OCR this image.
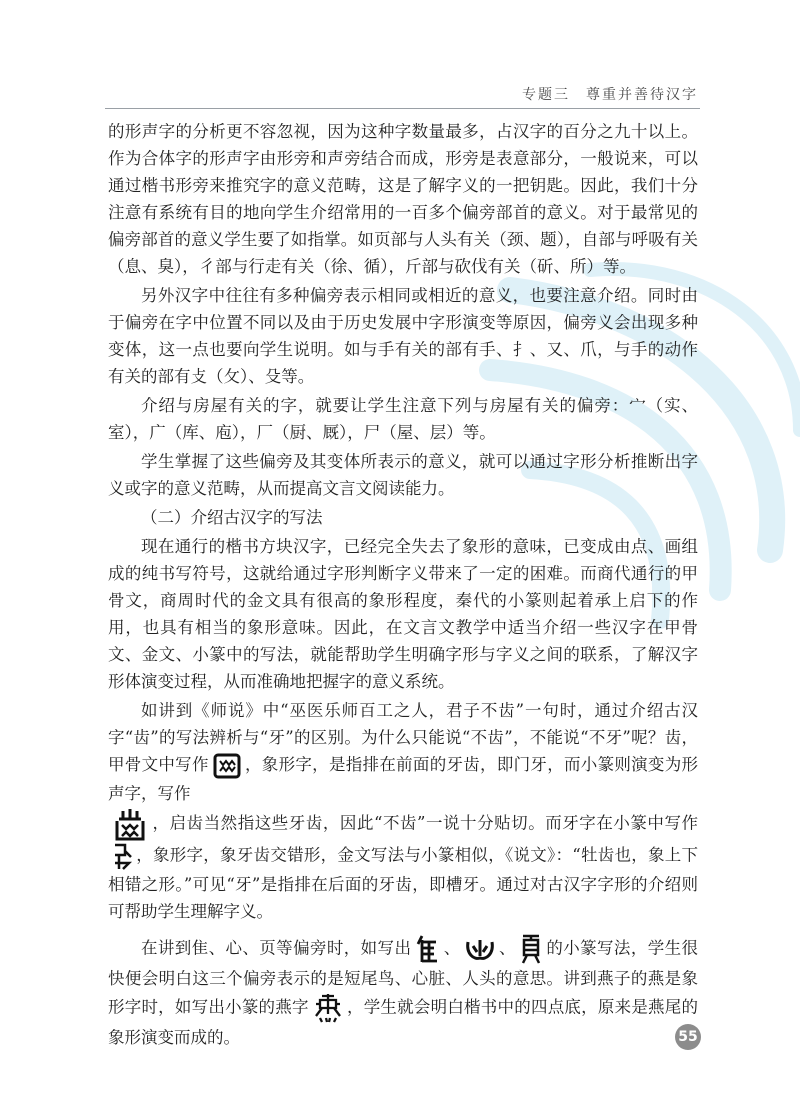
专题三　尊重并善待汉字

的形声字的分析更不容忽视，因为这种字数量最多，占汉字的百分之九十以上。作为合体字的形声字由形旁和声旁结合而成，形旁是表意部分，一般说来，可以通过楷书形旁来推究字的意义范畴，这是了解字义的一把钥匙。因此，我们十分注意有系统有目的地向学生介绍常用的一百多个偏旁部首的意义。对于最常见的偏旁部首的意义学生要了如指掌。如页部与人头有关（颈、题），自部与呼吸有关（息、臭），彳部与行走有关（徐、循），斤部与砍伐有关（斫、所）等。

另外汉字中往往有多种偏旁表示相同或相近的意义，也要注意介绍。同时由于偏旁在字中位置不同以及由于历史发展中字形演变等原因，偏旁义会出现多种变体，这一点也要向学生说明。如与手有关的部有手、扌、又、爪，与手的动作有关的部有攴（攵）、殳等。

介绍与房屋有关的字，就要让学生注意下列与房屋有关的偏旁：宀（实、室），广（库、庖），厂（厨、厩），尸（屋、层）等。

学生掌握了这些偏旁及其变体所表示的意义，就可以通过字形分析推断出字义或字的意义范畴，从而提高文言文阅读能力。

（二）介绍古汉字的写法

现在通行的楷书方块汉字，已经完全失去了象形的意味，已变成由点、画组成的纯书写符号，这就给通过字形判断字义带来了一定的困难。而商代通行的甲骨文，商周时代的金文具有很高的象形程度，秦代的小篆则起着承上启下的作用，也具有相当的象形意味。因此，在文言文教学中适当介绍一些汉字在甲骨文、金文、小篆中的写法，就能帮助学生明确字形与字义之间的联系，了解汉字形体演变过程，从而准确地把握字的意义系统。

如讲到《师说》中“巫医乐师百工之人，君子不齿”一句时，通过介绍古汉字“齿”的写法辨析与“牙”的区别。为什么只能说“不齿”，不能说“不牙”呢？齿，甲骨文中写作 ，象形字，是指排在前面的牙齿，即门牙，而小篆则演变为形声字，写作
，启齿当然指这些牙齿，因此“不齿”一说十分贴切。而牙字在小篆中写作，象形字，象牙齿交错形，金文写法与小篆相似，《说文》：“牡齿也，象上下相错之形。”可见“牙”是指排在后面的牙齿，即槽牙。通过对古汉字字形的介绍则可帮助学生理解字义。

在讲到隹、心、页等偏旁时，如写出 、 、 的小篆写法，学生很快便会明白这三个偏旁表示的是短尾鸟、心脏、人头的意思。讲到燕子的燕是象形字时，如写出小篆的燕字 ，学生就会明白楷书中的四点底，原来是燕尾的象形演变而成的。	55
